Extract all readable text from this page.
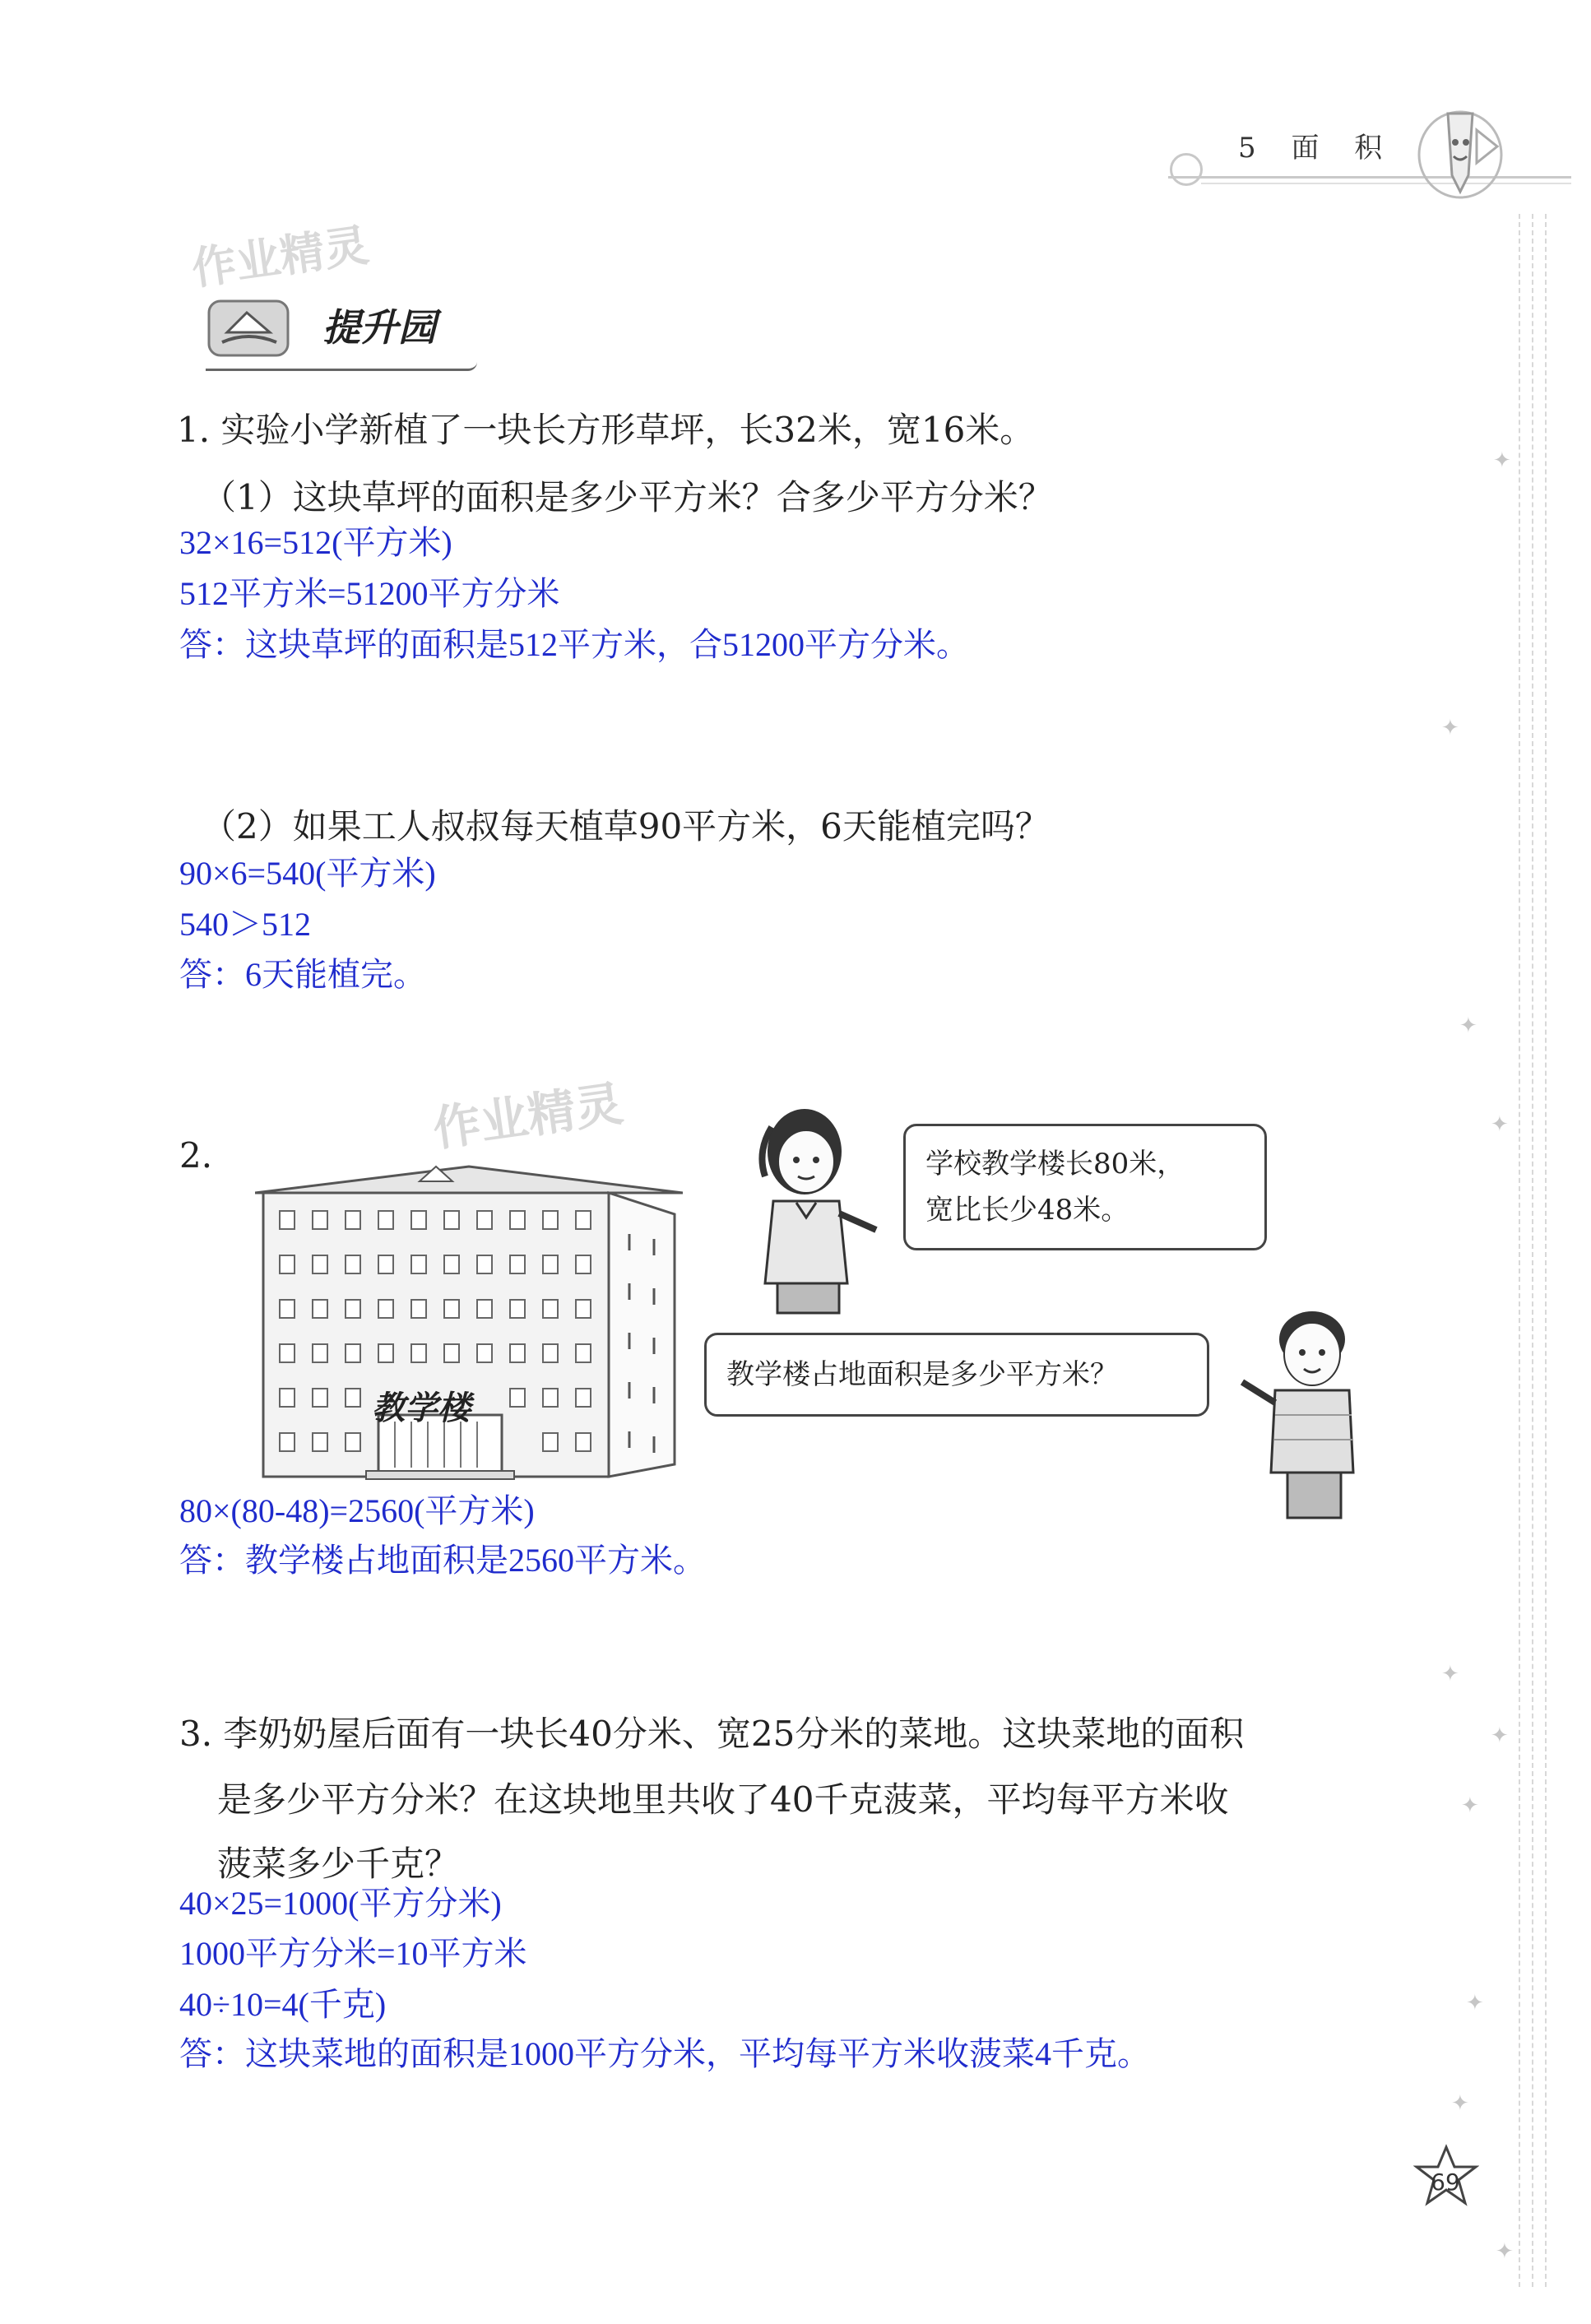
5 面 积
✦
✦
✦
✦
✦
✦
✦
✦
✦
✦
作业精灵
提升园
1. 实验小学新植了一块长方形草坪，长32米，宽16米。
（1）这块草坪的面积是多少平方米？合多少平方分米？
32×16=512(平方米)
512平方米=51200平方分米
答：这块草坪的面积是512平方米，合51200平方分米。
（2）如果工人叔叔每天植草90平方米，6天能植完吗？
90×6=540(平方米)
540＞512
答：6天能植完。
作业精灵
2.
教学楼
学校教学楼长80米，
宽比长少48米。
教学楼占地面积是多少平方米？
80×(80-48)=2560(平方米)
答：教学楼占地面积是2560平方米。
3. 李奶奶屋后面有一块长40分米、宽25分米的菜地。这块菜地的面积
是多少平方分米？在这块地里共收了40千克菠菜，平均每平方米收
菠菜多少千克？
40×25=1000(平方分米)
1000平方分米=10平方米
40÷10=4(千克)
答：这块菜地的面积是1000平方分米，平均每平方米收菠菜4千克。
69
